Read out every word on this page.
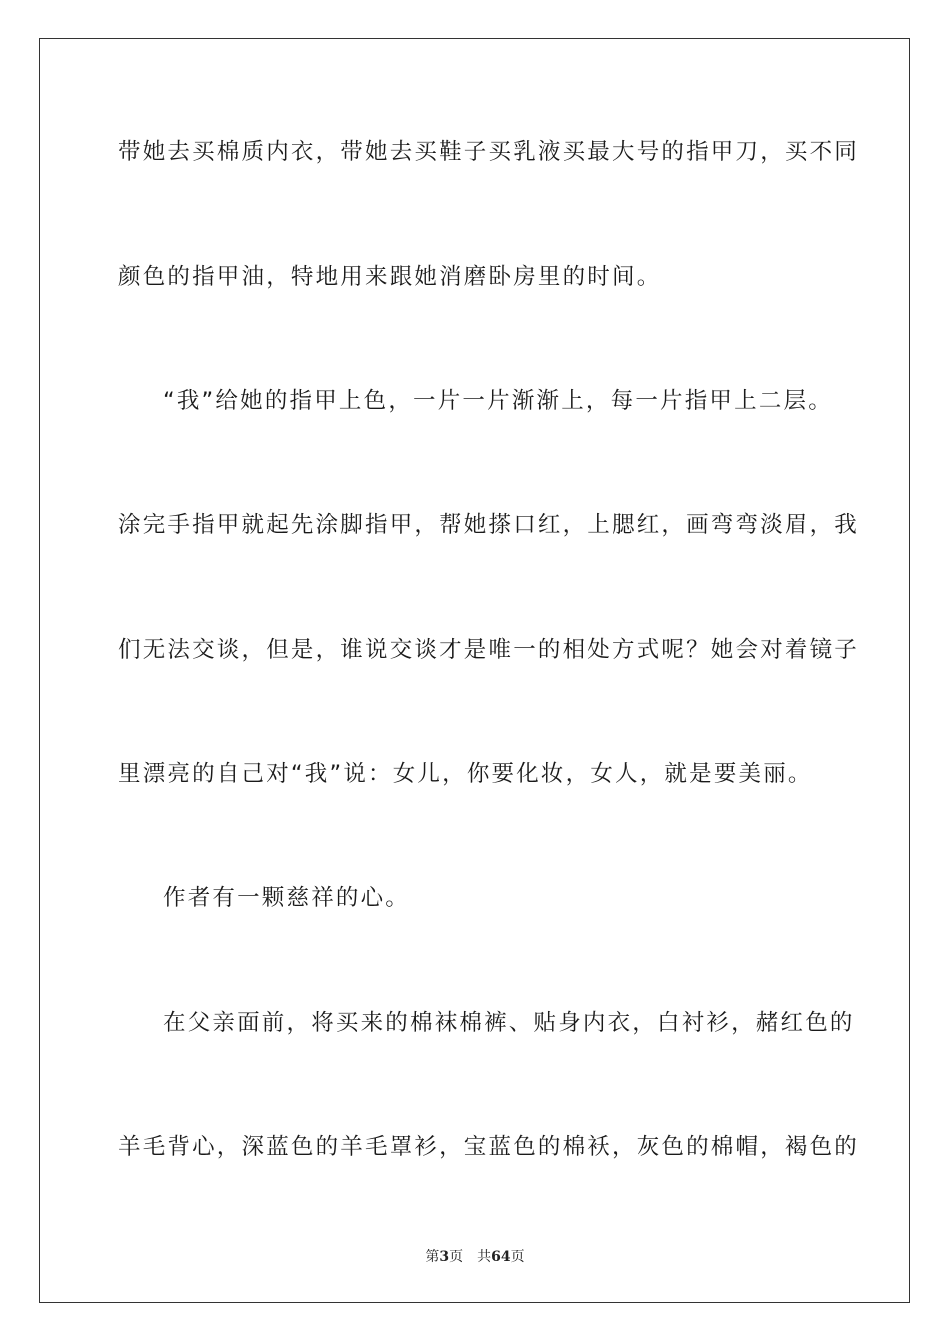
带她去买棉质内衣，带她去买鞋子买乳液买最大号的指甲刀，买不同
颜色的指甲油，特地用来跟她消磨卧房里的时间。
“我”给她的指甲上色，一片一片渐渐上，每一片指甲上二层。
涂完手指甲就起先涂脚指甲，帮她搽口红，上腮红，画弯弯淡眉，我
们无法交谈，但是，谁说交谈才是唯一的相处方式呢？她会对着镜子
里漂亮的自己对“我”说：女儿，你要化妆，女人，就是要美丽。
作者有一颗慈祥的心。
在父亲面前，将买来的棉袜棉裤、贴身内衣，白衬衫，赭红色的
羊毛背心，深蓝色的羊毛罩衫，宝蓝色的棉袄，灰色的棉帽，褐色的
第3页 共64页
